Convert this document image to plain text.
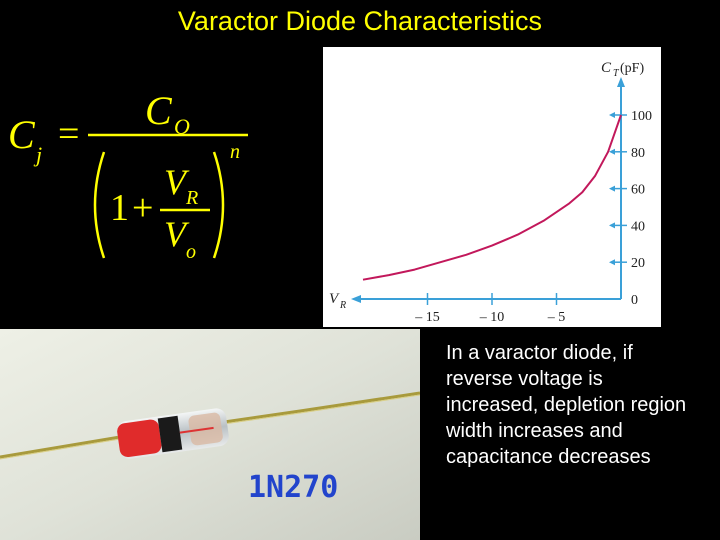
Varactor Diode Characteristics
C j =
C O
1 +
V R
V o
n
– 15	– 10	– 5
0
20
40
60
80
100
C T (pF)
V R
1N270
In a varactor diode, if reverse voltage is increased, depletion region width increases and capacitance decreases
